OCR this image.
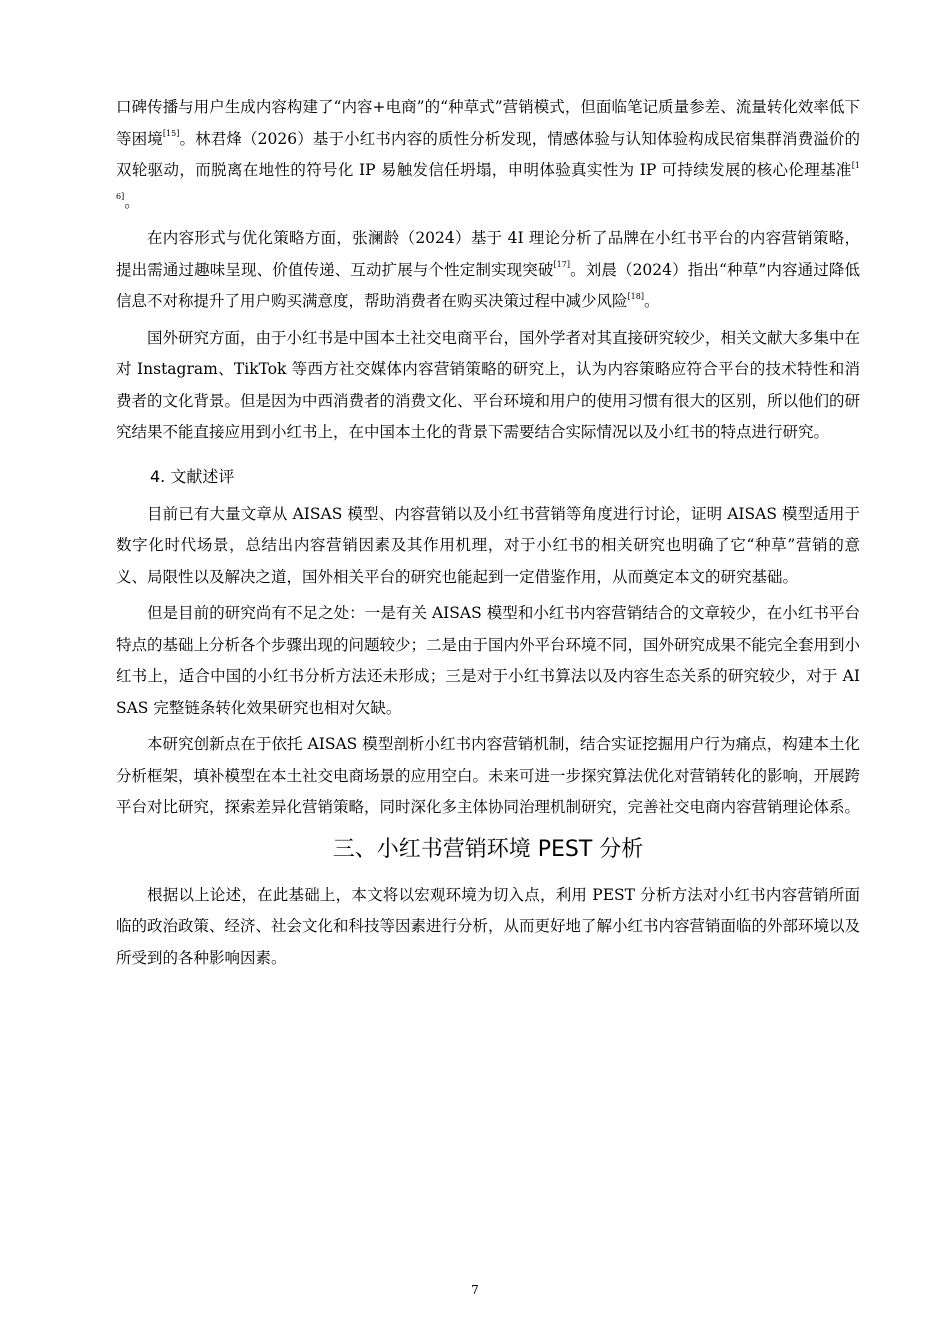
口碑传播与用户生成内容构建了“内容+电商”的“种草式”营销模式，但面临笔记质量参差、流量转化效率低下等困境[15]。林君烽（2026）基于小红书内容的质性分析发现，情感体验与认知体验构成民宿集群消费溢价的双轮驱动，而脱离在地性的符号化 IP 易触发信任坍塌，申明体验真实性为 IP 可持续发展的核心伦理基准[16]。

在内容形式与优化策略方面，张澜龄（2024）基于 4I 理论分析了品牌在小红书平台的内容营销策略，提出需通过趣味呈现、价值传递、互动扩展与个性定制实现突破[17]。刘晨（2024）指出“种草”内容通过降低信息不对称提升了用户购买满意度，帮助消费者在购买决策过程中减少风险[18]。

国外研究方面，由于小红书是中国本土社交电商平台，国外学者对其直接研究较少，相关文献大多集中在对 Instagram、TikTok 等西方社交媒体内容营销策略的研究上，认为内容策略应符合平台的技术特性和消费者的文化背景。但是因为中西消费者的消费文化、平台环境和用户的使用习惯有很大的区别，所以他们的研究结果不能直接应用到小红书上，在中国本土化的背景下需要结合实际情况以及小红书的特点进行研究。

4. 文献述评

目前已有大量文章从 AISAS 模型、内容营销以及小红书营销等角度进行讨论，证明 AISAS 模型适用于数字化时代场景，总结出内容营销因素及其作用机理，对于小红书的相关研究也明确了它“种草”营销的意义、局限性以及解决之道，国外相关平台的研究也能起到一定借鉴作用，从而奠定本文的研究基础。

但是目前的研究尚有不足之处：一是有关 AISAS 模型和小红书内容营销结合的文章较少，在小红书平台特点的基础上分析各个步骤出现的问题较少；二是由于国内外平台环境不同，国外研究成果不能完全套用到小红书上，适合中国的小红书分析方法还未形成；三是对于小红书算法以及内容生态关系的研究较少，对于 AISAS 完整链条转化效果研究也相对欠缺。

本研究创新点在于依托 AISAS 模型剖析小红书内容营销机制，结合实证挖掘用户行为痛点，构建本土化分析框架，填补模型在本土社交电商场景的应用空白。未来可进一步探究算法优化对营销转化的影响，开展跨平台对比研究，探索差异化营销策略，同时深化多主体协同治理机制研究，完善社交电商内容营销理论体系。

三、小红书营销环境 PEST 分析

根据以上论述，在此基础上，本文将以宏观环境为切入点，利用 PEST 分析方法对小红书内容营销所面临的政治政策、经济、社会文化和科技等因素进行分析，从而更好地了解小红书内容营销面临的外部环境以及所受到的各种影响因素。

7
